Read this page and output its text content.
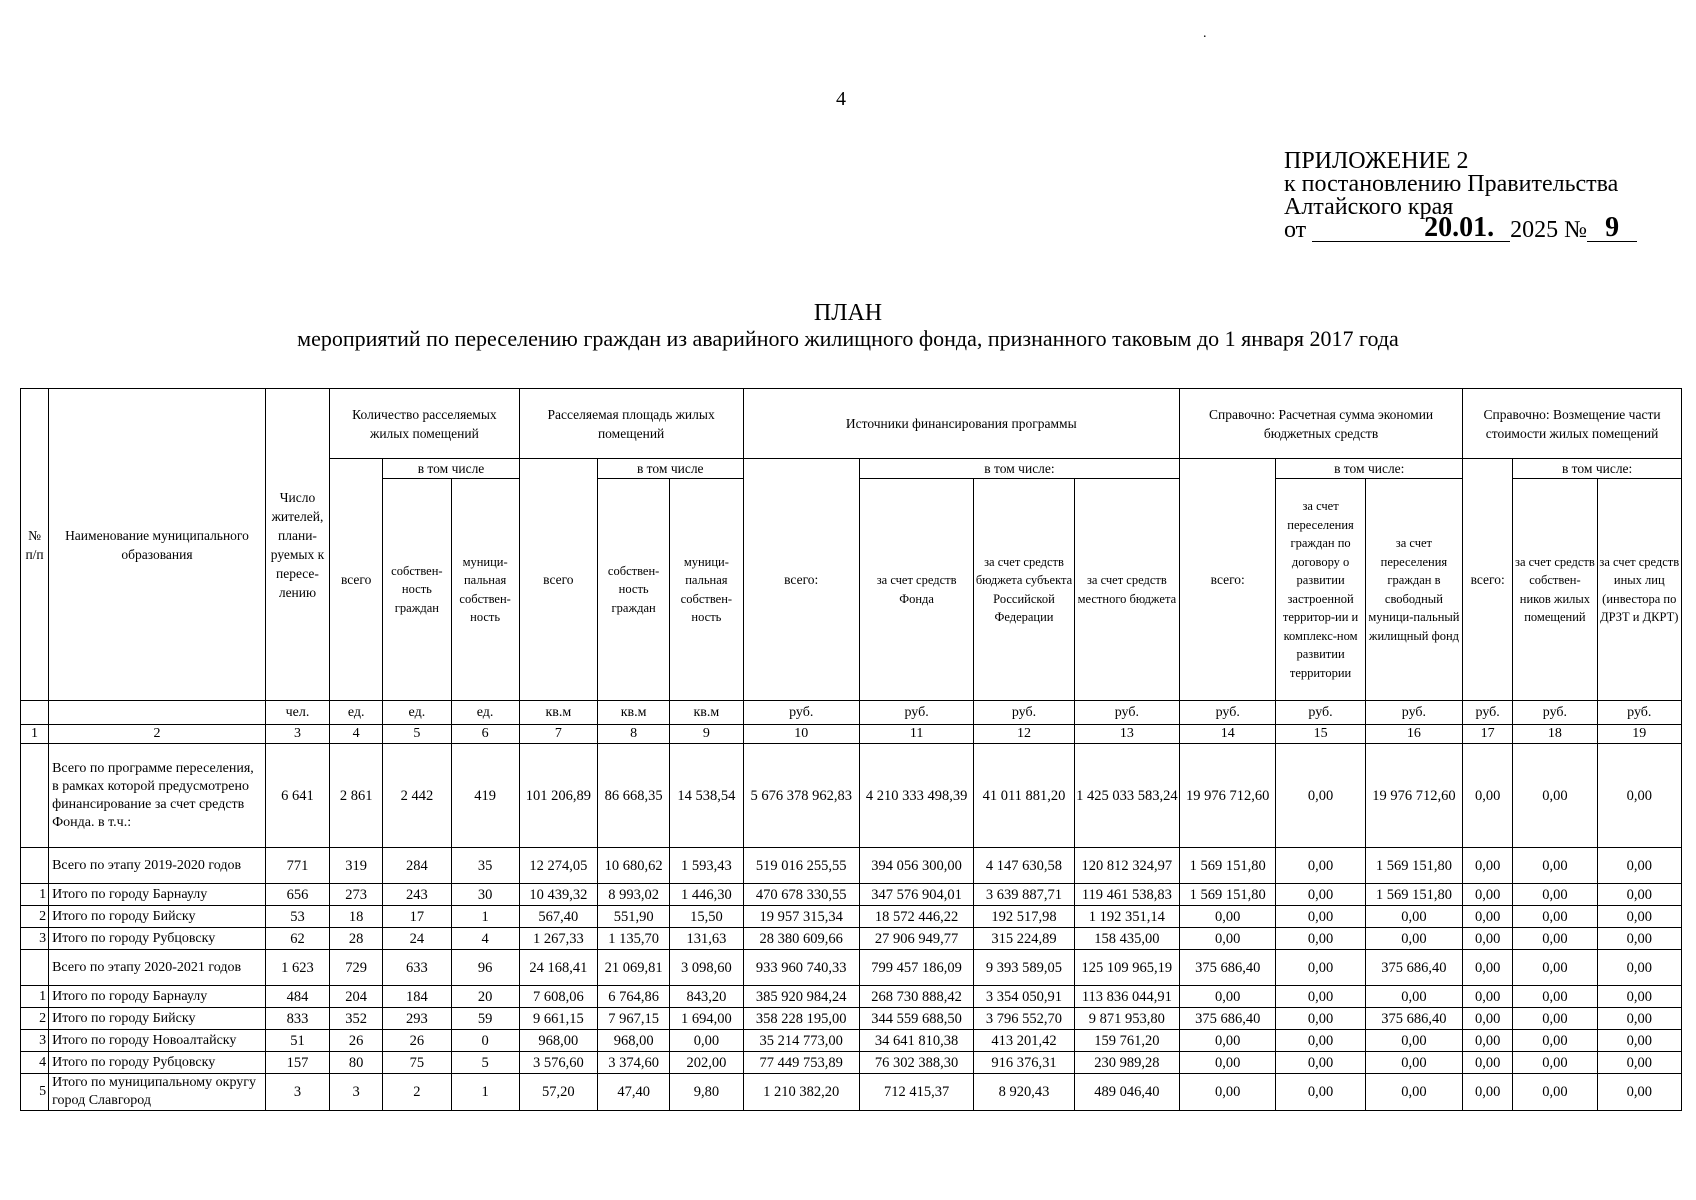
.
4
ПРИЛОЖЕНИЕ 2
к постановлению Правительства
Алтайского края
от	20.01. 2025 № 9
ПЛАН
мероприятий по переселению граждан из аварийного жилищного фонда, признанного таковым до 1 января 2017 года
№ п/п	Наименование муниципального образования	Число жителей, плани-руемых к пересе-лению	Количество расселяемых жилых помещений			Расселяемая площадь жилых помещений			Источники финансирования программы				Справочно: Расчетная сумма экономии бюджетных средств			Справочно: Возмещение части стоимости жилых помещений		
			всего	в том числе		всего	в том числе		всего:	в том числе:			всего:	в том числе:		всего:	в том числе:	
				собствен-ность граждан	муници-пальная собствен-ность		собствен-ность граждан	муници-пальная собствен-ность		за счет средств Фонда	за счет средств бюджета субъекта Российской Федерации	за счет средств местного бюджета		за счет переселения граждан по договору о развитии застроенной территор-ии и комплекс-ном развитии территории	за счет переселения граждан в свободный муници-пальный жилищный фонд		за счет средств собствен-ников жилых помещений	за счет средств иных лиц (инвестора по ДРЗТ и ДКРТ)
		чел.	ед.	ед.	ед.	кв.м	кв.м	кв.м	руб.	руб.	руб.	руб.	руб.	руб.	руб.	руб.	руб.	руб.
1	2	3	4	5	6	7	8	9	10	11	12	13	14	15	16	17	18	19
	Всего по программе переселения, в рамках которой предусмотрено финансирование за счет средств Фонда. в т.ч.:	6 641	2 861	2 442	419	101 206,89	86 668,35	14 538,54	5 676 378 962,83	4 210 333 498,39	41 011 881,20	1 425 033 583,24	19 976 712,60	0,00	19 976 712,60	0,00	0,00	0,00
	Всего по этапу 2019-2020 годов	771	319	284	35	12 274,05	10 680,62	1 593,43	519 016 255,55	394 056 300,00	4 147 630,58	120 812 324,97	1 569 151,80	0,00	1 569 151,80	0,00	0,00	0,00
1	Итого по городу Барнаулу	656	273	243	30	10 439,32	8 993,02	1 446,30	470 678 330,55	347 576 904,01	3 639 887,71	119 461 538,83	1 569 151,80	0,00	1 569 151,80	0,00	0,00	0,00
2	Итого по городу Бийску	53	18	17	1	567,40	551,90	15,50	19 957 315,34	18 572 446,22	192 517,98	1 192 351,14	0,00	0,00	0,00	0,00	0,00	0,00
3	Итого по городу Рубцовску	62	28	24	4	1 267,33	1 135,70	131,63	28 380 609,66	27 906 949,77	315 224,89	158 435,00	0,00	0,00	0,00	0,00	0,00	0,00
	Всего по этапу 2020-2021 годов	1 623	729	633	96	24 168,41	21 069,81	3 098,60	933 960 740,33	799 457 186,09	9 393 589,05	125 109 965,19	375 686,40	0,00	375 686,40	0,00	0,00	0,00
1	Итого по городу Барнаулу	484	204	184	20	7 608,06	6 764,86	843,20	385 920 984,24	268 730 888,42	3 354 050,91	113 836 044,91	0,00	0,00	0,00	0,00	0,00	0,00
2	Итого по городу Бийску	833	352	293	59	9 661,15	7 967,15	1 694,00	358 228 195,00	344 559 688,50	3 796 552,70	9 871 953,80	375 686,40	0,00	375 686,40	0,00	0,00	0,00
3	Итого по городу Новоалтайску	51	26	26	0	968,00	968,00	0,00	35 214 773,00	34 641 810,38	413 201,42	159 761,20	0,00	0,00	0,00	0,00	0,00	0,00
4	Итого по городу Рубцовску	157	80	75	5	3 576,60	3 374,60	202,00	77 449 753,89	76 302 388,30	916 376,31	230 989,28	0,00	0,00	0,00	0,00	0,00	0,00
5	Итого по муниципальному округу город Славгород	3	3	2	1	57,20	47,40	9,80	1 210 382,20	712 415,37	8 920,43	489 046,40	0,00	0,00	0,00	0,00	0,00	0,00
